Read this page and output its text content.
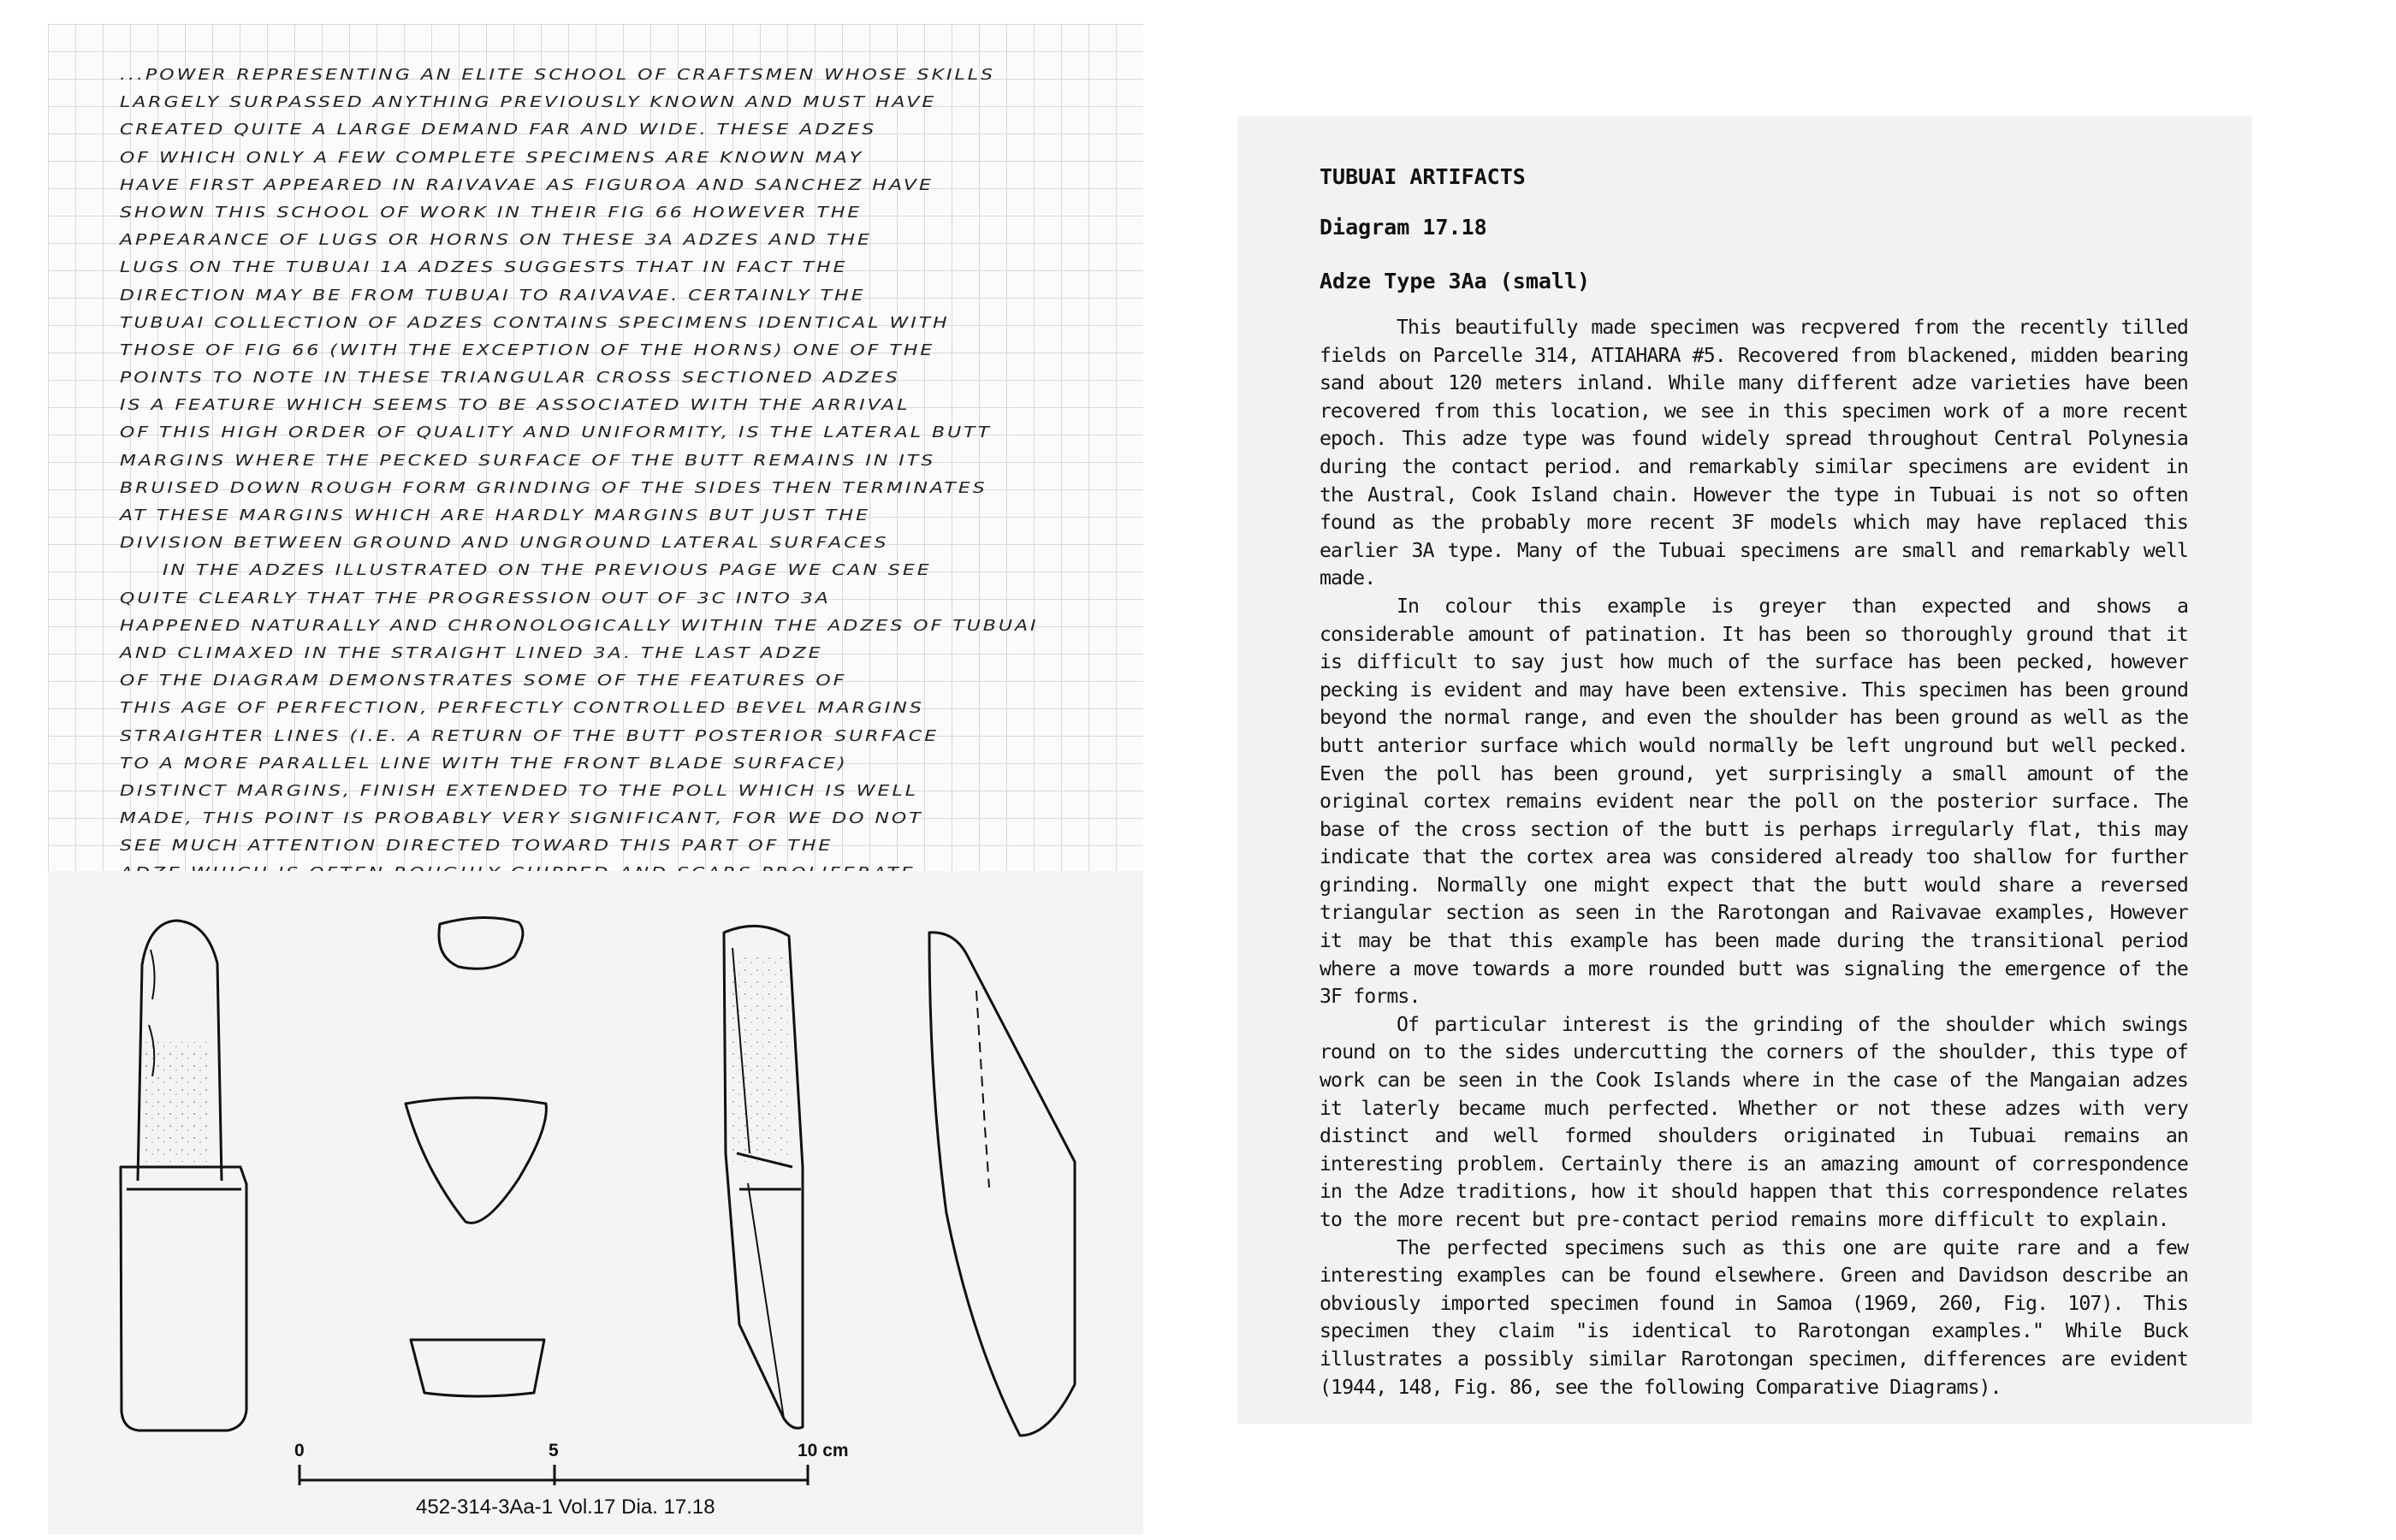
...POWER REPRESENTING AN ELITE SCHOOL OF CRAFTSMEN WHOSE SKILLS
LARGELY SURPASSED ANYTHING PREVIOUSLY KNOWN AND MUST HAVE
CREATED QUITE A LARGE DEMAND FAR AND WIDE. THESE ADZES
OF WHICH ONLY A FEW COMPLETE SPECIMENS ARE KNOWN MAY
HAVE FIRST APPEARED IN RAIVAVAE AS FIGUROA AND SANCHEZ HAVE
SHOWN THIS SCHOOL OF WORK IN THEIR FIG 66 HOWEVER THE
APPEARANCE OF LUGS OR HORNS ON THESE 3A ADZES AND THE
LUGS ON THE TUBUAI 1A ADZES SUGGESTS THAT IN FACT THE
DIRECTION MAY BE FROM TUBUAI TO RAIVAVAE. CERTAINLY THE
TUBUAI COLLECTION OF ADZES CONTAINS SPECIMENS IDENTICAL WITH
THOSE OF FIG 66 (WITH THE EXCEPTION OF THE HORNS) ONE OF THE
POINTS TO NOTE IN THESE TRIANGULAR CROSS SECTIONED ADZES
IS A FEATURE WHICH SEEMS TO BE ASSOCIATED WITH THE ARRIVAL
OF THIS HIGH ORDER OF QUALITY AND UNIFORMITY, IS THE LATERAL BUTT
MARGINS WHERE THE PECKED SURFACE OF THE BUTT REMAINS IN ITS
BRUISED DOWN ROUGH FORM GRINDING OF THE SIDES THEN TERMINATES
AT THESE MARGINS WHICH ARE HARDLY MARGINS BUT JUST THE
DIVISION BETWEEN GROUND AND UNGROUND LATERAL SURFACES
IN THE ADZES ILLUSTRATED ON THE PREVIOUS PAGE WE CAN SEE
QUITE CLEARLY THAT THE PROGRESSION OUT OF 3C INTO 3A
HAPPENED NATURALLY AND CHRONOLOGICALLY WITHIN THE ADZES OF TUBUAI
AND CLIMAXED IN THE STRAIGHT LINED 3A. THE LAST ADZE
OF THE DIAGRAM DEMONSTRATES SOME OF THE FEATURES OF
THIS AGE OF PERFECTION, PERFECTLY CONTROLLED BEVEL MARGINS
STRAIGHTER LINES (I.E. A RETURN OF THE BUTT POSTERIOR SURFACE
TO A MORE PARALLEL LINE WITH THE FRONT BLADE SURFACE)
DISTINCT MARGINS, FINISH EXTENDED TO THE POLL WHICH IS WELL
MADE, THIS POINT IS PROBABLY VERY SIGNIFICANT, FOR WE DO NOT
SEE MUCH ATTENTION DIRECTED TOWARD THIS PART OF THE
0	5	10 cm
452-314-3Aa-1 Vol.17 Dia. 17.18

TUBUAI ARTIFACTS

Diagram 17.18

Adze Type 3Aa (small)

This beautifully made specimen was recpvered from the recently tilled fields on Parcelle 314, ATIAHARA #5. Recovered from blackened, midden bearing sand about 120 meters inland. While many different adze varieties have been recovered from this location, we see in this specimen work of a more recent epoch. This adze type was found widely spread throughout Central Polynesia during the contact period. and remarkably similar specimens are evident in the Austral, Cook Island chain. However the type in Tubuai is not so often found as the probably more recent 3F models which may have replaced this earlier 3A type. Many of the Tubuai specimens are small and remarkably well made.

In colour this example is greyer than expected and shows a considerable amount of patination. It has been so thoroughly ground that it is difficult to say just how much of the surface has been pecked, however pecking is evident and may have been extensive. This specimen has been ground beyond the normal range, and even the shoulder has been ground as well as the butt anterior surface which would normally be left unground but well pecked. Even the poll has been ground, yet surprisingly a small amount of the original cortex remains evident near the poll on the posterior surface. The base of the cross section of the butt is perhaps irregularly flat, this may indicate that the cortex area was considered already too shallow for further grinding. Normally one might expect that the butt would share a reversed triangular section as seen in the Rarotongan and Raivavae examples, However it may be that this example has been made during the transitional period where a move towards a more rounded butt was signaling the emergence of the 3F forms.

Of particular interest is the grinding of the shoulder which swings round on to the sides undercutting the corners of the shoulder, this type of work can be seen in the Cook Islands where in the case of the Mangaian adzes it laterly became much perfected. Whether or not these adzes with very distinct and well formed shoulders originated in Tubuai remains an interesting problem. Certainly there is an amazing amount of correspondence in the Adze traditions, how it should happen that this correspondence relates to the more recent but pre-contact period remains more difficult to explain.

The perfected specimens such as this one are quite rare and a few interesting examples can be found elsewhere. Green and Davidson describe an obviously imported specimen found in Samoa (1969, 260, Fig. 107). This specimen they claim "is identical to Rarotongan examples." While Buck illustrates a possibly similar Rarotongan specimen, differences are evident (1944, 148, Fig. 86, see the following Comparative Diagrams).
